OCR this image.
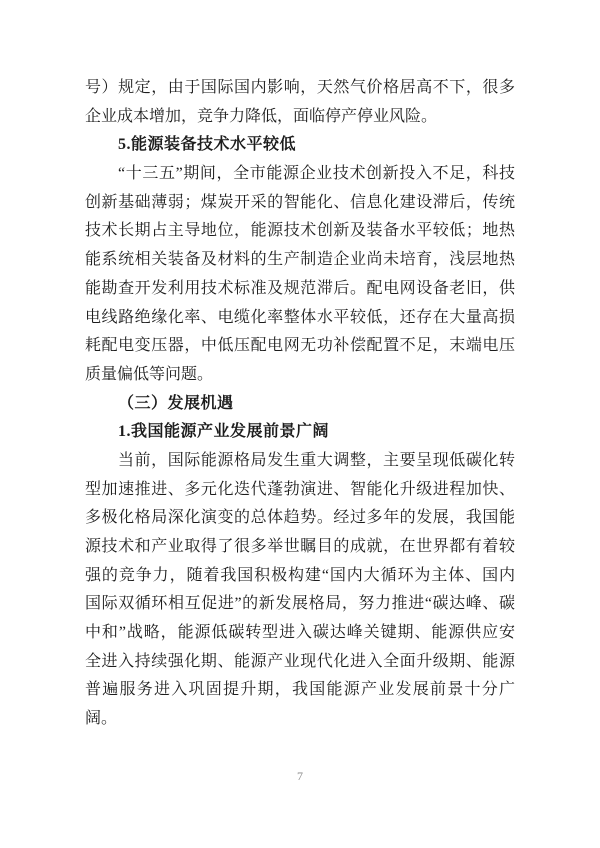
号）规定，由于国际国内影响，天然气价格居高不下，很多
企业成本增加，竞争力降低，面临停产停业风险。
5.能源装备技术水平较低
“十三五”期间，全市能源企业技术创新投入不足，科技
创新基础薄弱；煤炭开采的智能化、信息化建设滞后，传统
技术长期占主导地位，能源技术创新及装备水平较低；地热
能系统相关装备及材料的生产制造企业尚未培育，浅层地热
能勘查开发利用技术标准及规范滞后。配电网设备老旧，供
电线路绝缘化率、电缆化率整体水平较低，还存在大量高损
耗配电变压器，中低压配电网无功补偿配置不足，末端电压
质量偏低等问题。
（三）发展机遇
1.我国能源产业发展前景广阔
当前，国际能源格局发生重大调整，主要呈现低碳化转
型加速推进、多元化迭代蓬勃演进、智能化升级进程加快、
多极化格局深化演变的总体趋势。经过多年的发展，我国能
源技术和产业取得了很多举世瞩目的成就，在世界都有着较
强的竞争力，随着我国积极构建“国内大循环为主体、国内
国际双循环相互促进”的新发展格局，努力推进“碳达峰、碳
中和”战略，能源低碳转型进入碳达峰关键期、能源供应安
全进入持续强化期、能源产业现代化进入全面升级期、能源
普遍服务进入巩固提升期，我国能源产业发展前景十分广
阔。
7
